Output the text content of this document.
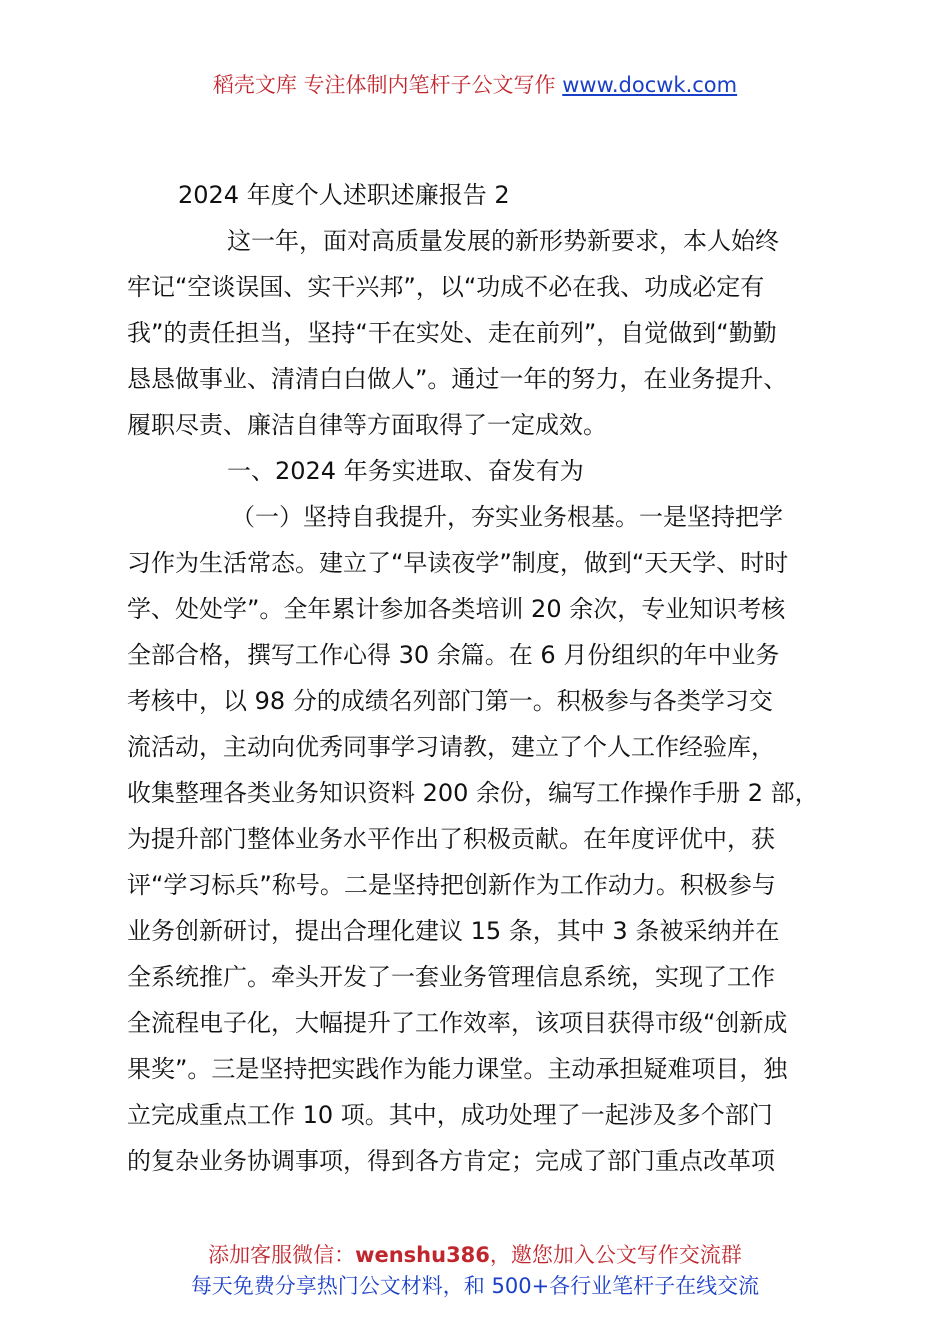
稻壳文库 专注体制内笔杆子公文写作 www.docwk.com
2024 年度个人述职述廉报告 2
这一年，面对高质量发展的新形势新要求，本人始终
牢记“空谈误国、实干兴邦”，以“功成不必在我、功成必定有
我”的责任担当，坚持“干在实处、走在前列”，自觉做到“勤勤
恳恳做事业、清清白白做人”。通过一年的努力，在业务提升、
履职尽责、廉洁自律等方面取得了一定成效。
一、2024 年务实进取、奋发有为
（一）坚持自我提升，夯实业务根基。一是坚持把学
习作为生活常态。建立了“早读夜学”制度，做到“天天学、时时
学、处处学”。全年累计参加各类培训 20 余次，专业知识考核
全部合格，撰写工作心得 30 余篇。在 6 月份组织的年中业务
考核中，以 98 分的成绩名列部门第一。积极参与各类学习交
流活动，主动向优秀同事学习请教，建立了个人工作经验库，
收集整理各类业务知识资料 200 余份，编写工作操作手册 2 部，
为提升部门整体业务水平作出了积极贡献。在年度评优中，获
评“学习标兵”称号。二是坚持把创新作为工作动力。积极参与
业务创新研讨，提出合理化建议 15 条，其中 3 条被采纳并在
全系统推广。牵头开发了一套业务管理信息系统，实现了工作
全流程电子化，大幅提升了工作效率，该项目获得市级“创新成
果奖”。三是坚持把实践作为能力课堂。主动承担疑难项目，独
立完成重点工作 10 项。其中，成功处理了一起涉及多个部门
的复杂业务协调事项，得到各方肯定；完成了部门重点改革项
添加客服微信：wenshu386，邀您加入公文写作交流群
每天免费分享热门公文材料，和 500+各行业笔杆子在线交流
